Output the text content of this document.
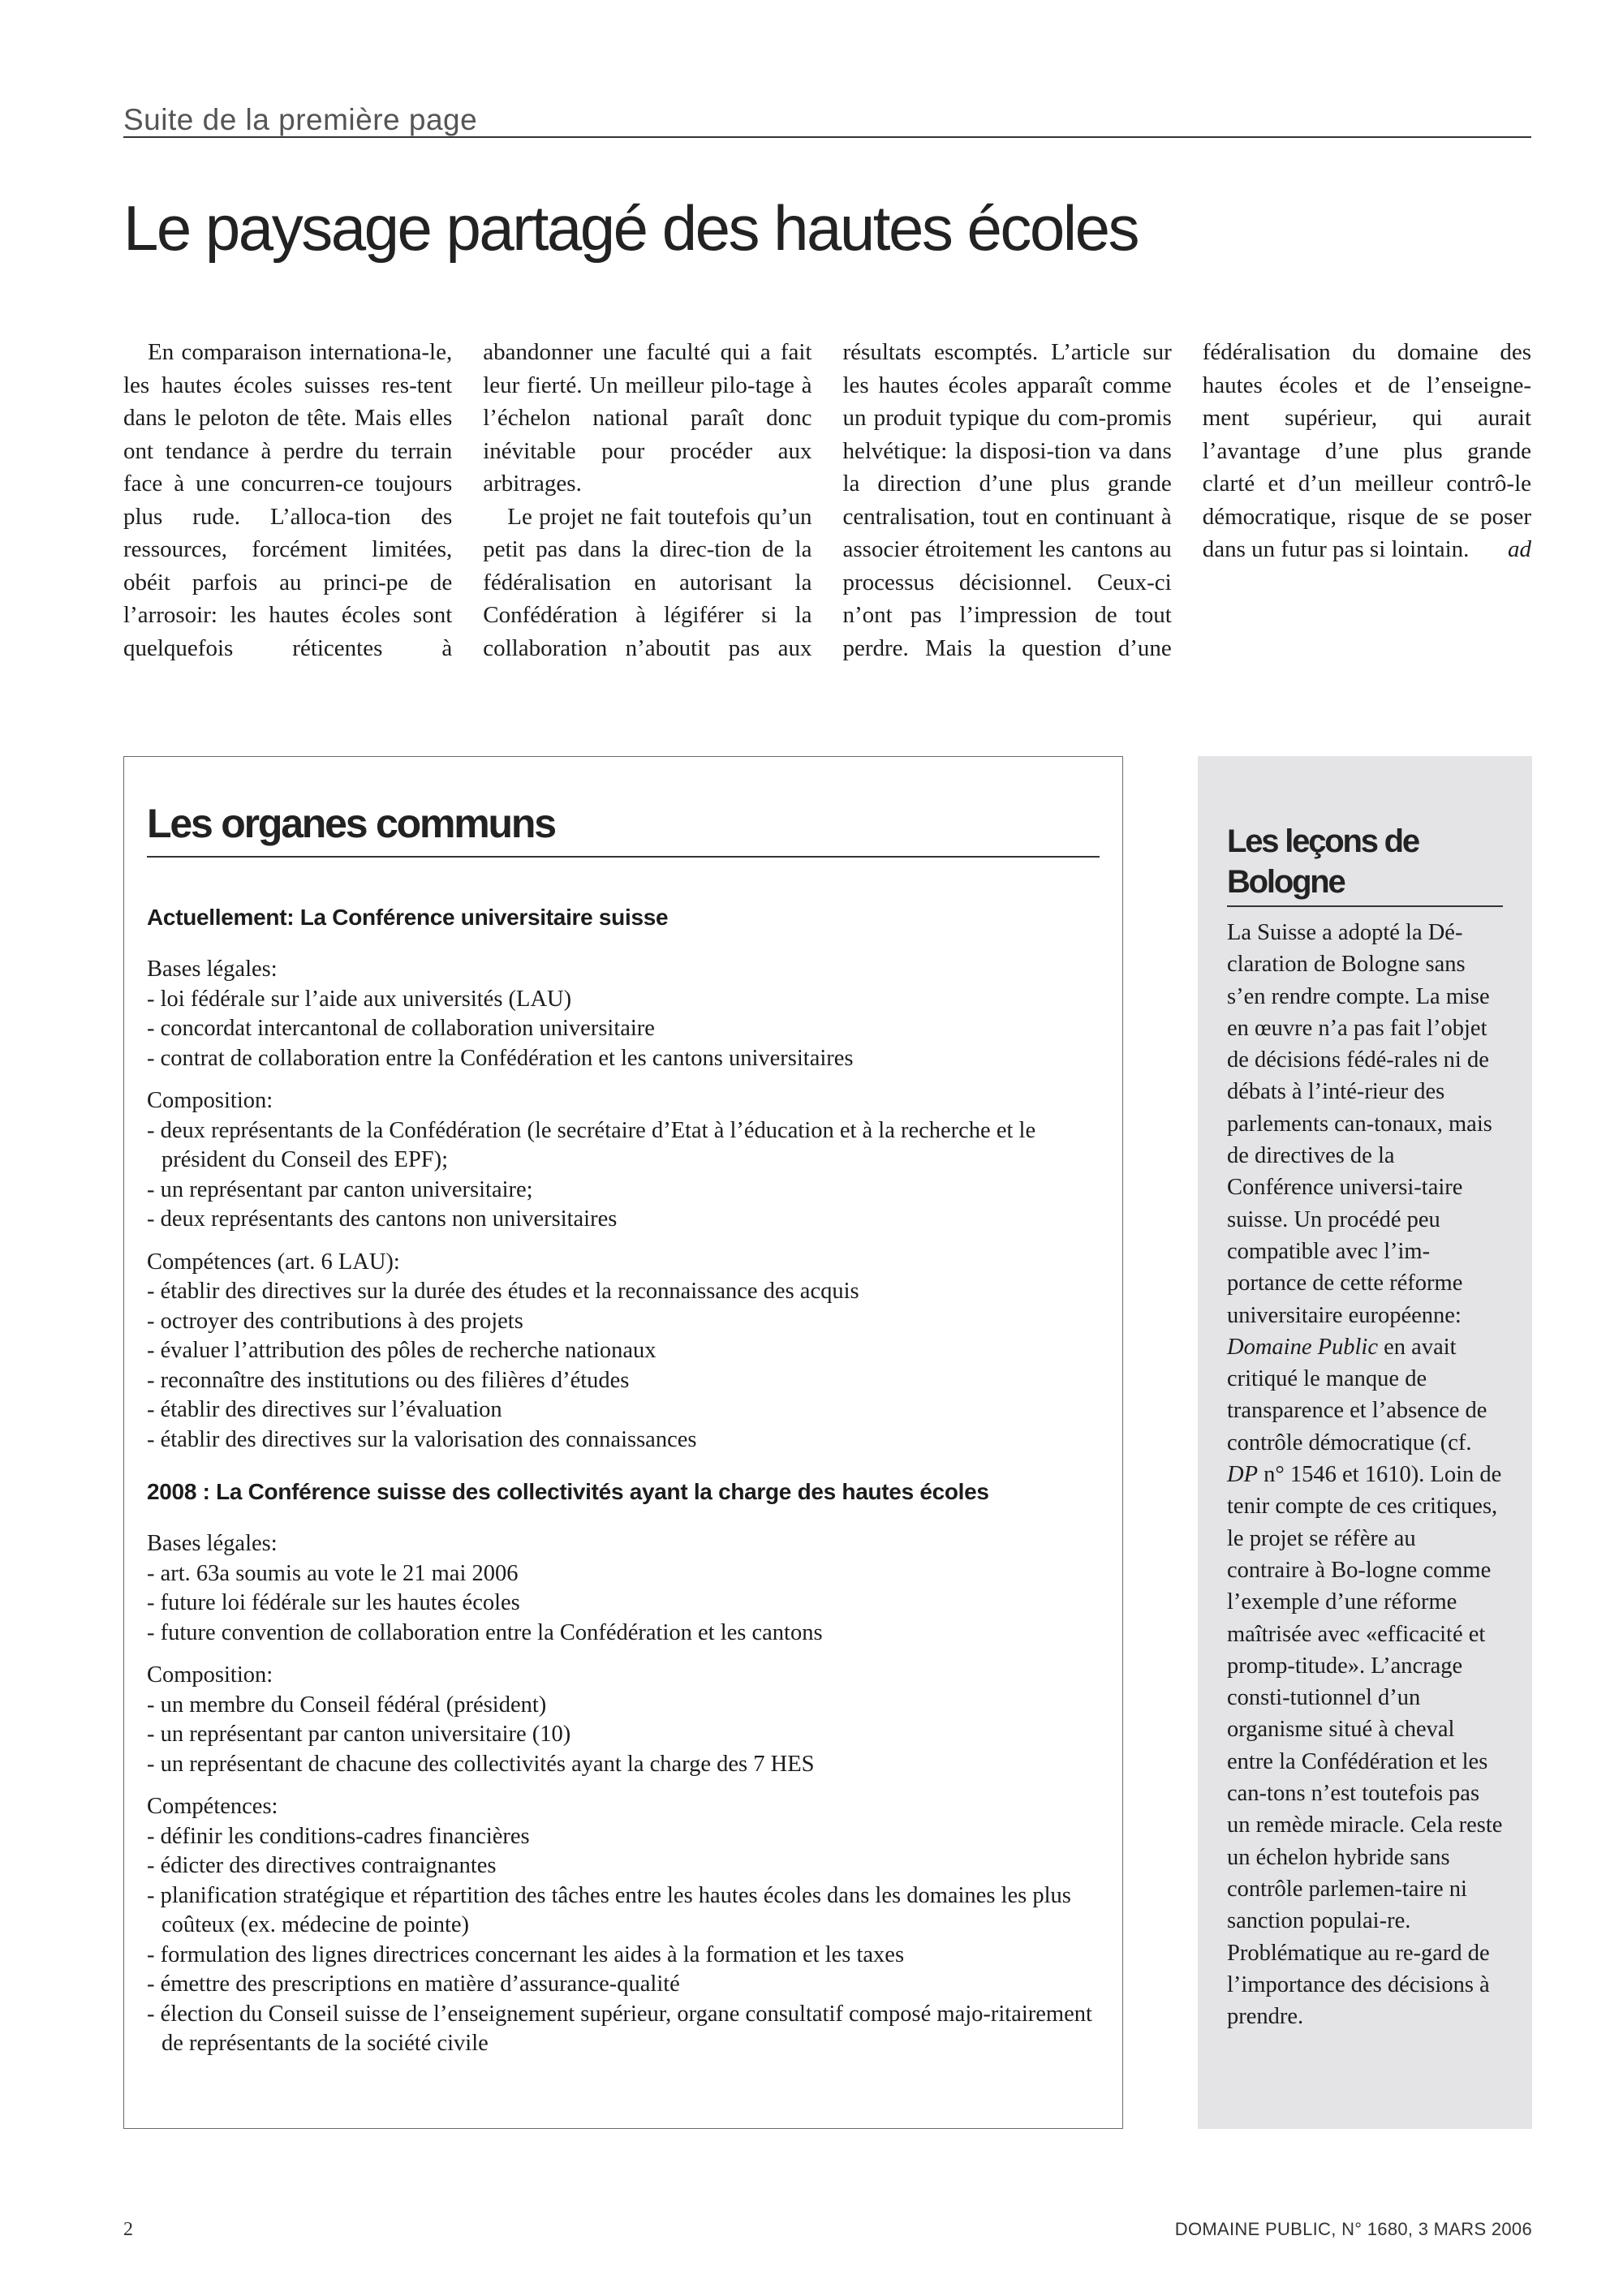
Suite de la première page
Le paysage partagé des hautes écoles

En comparaison internationa-le, les hautes écoles suisses res-tent dans le peloton de tête. Mais elles ont tendance à perdre du terrain face à une concurren-ce toujours plus rude. L’alloca-tion des ressources, forcément limitées, obéit parfois au princi-pe de l’arrosoir: les hautes écoles sont quelquefois réticentes à abandonner une faculté qui a fait leur fierté. Un meilleur pilo-tage à l’échelon national paraît donc inévitable pour procéder aux arbitrages.

Le projet ne fait toutefois qu’un petit pas dans la direc-tion de la fédéralisation en autorisant la Confédération à légiférer si la collaboration n’aboutit pas aux résultats escomptés. L’article sur les hautes écoles apparaît comme un produit typique du com-promis helvétique: la disposi-tion va dans la direction d’une plus grande centralisation, tout en continuant à associer étroitement les cantons au processus décisionnel. Ceux-ci n’ont pas l’impression de tout perdre. Mais la question d’une fédéralisation du domaine des hautes écoles et de l’enseigne-ment supérieur, qui aurait l’avantage d’une plus grande clarté et d’un meilleur contrô-le démocratique, risque de se poser dans un futur pas si lointain.	ad

Les organes communs

Actuellement: La Conférence universitaire suisse

Bases légales:
- loi fédérale sur l’aide aux universités (LAU)
- concordat intercantonal de collaboration universitaire
- contrat de collaboration entre la Confédération et les cantons universitaires
Composition:
- deux représentants de la Confédération (le secrétaire d’Etat à l’éducation et à la recherche et le président du Conseil des EPF);
- un représentant par canton universitaire;
- deux représentants des cantons non universitaires
Compétences (art. 6 LAU):
- établir des directives sur la durée des études et la reconnaissance des acquis
- octroyer des contributions à des projets
- évaluer l’attribution des pôles de recherche nationaux
- reconnaître des institutions ou des filières d’études
- établir des directives sur l’évaluation
- établir des directives sur la valorisation des connaissances

2008 : La Conférence suisse des collectivités ayant la charge des hautes écoles

Bases légales:
- art. 63a soumis au vote le 21 mai 2006
- future loi fédérale sur les hautes écoles
- future convention de collaboration entre la Confédération et les cantons
Composition:
- un membre du Conseil fédéral (président)
- un représentant par canton universitaire (10)
- un représentant de chacune des collectivités ayant la charge des 7 HES
Compétences:
- définir les conditions-cadres financières
- édicter des directives contraignantes
- planification stratégique et répartition des tâches entre les hautes écoles dans les domaines les plus coûteux (ex. médecine de pointe)
- formulation des lignes directrices concernant les aides à la formation et les taxes
- émettre des prescriptions en matière d’assurance-qualité
- élection du Conseil suisse de l’enseignement supérieur, organe consultatif composé majo-ritairement de représentants de la société civile
Les leçons de Bologne

La Suisse a adopté la Dé-claration de Bologne sans s’en rendre compte. La mise en œuvre n’a pas fait l’objet de décisions fédé-rales ni de débats à l’inté-rieur des parlements can-tonaux, mais de directives de la Conférence universi-taire suisse. Un procédé peu compatible avec l’im-portance de cette réforme universitaire européenne: Domaine Public en avait critiqué le manque de transparence et l’absence de contrôle démocratique (cf. DP n° 1546 et 1610). Loin de tenir compte de ces critiques, le projet se réfère au contraire à Bo-logne comme l’exemple d’une réforme maîtrisée avec «efficacité et promp-titude». L’ancrage consti-tutionnel d’un organisme situé à cheval entre la Confédération et les can-tons n’est toutefois pas un remède miracle. Cela reste un échelon hybride sans contrôle parlemen-taire ni sanction populai-re. Problématique au re-gard de l’importance des décisions à prendre.

2	DOMAINE PUBLIC, N° 1680, 3 MARS 2006
